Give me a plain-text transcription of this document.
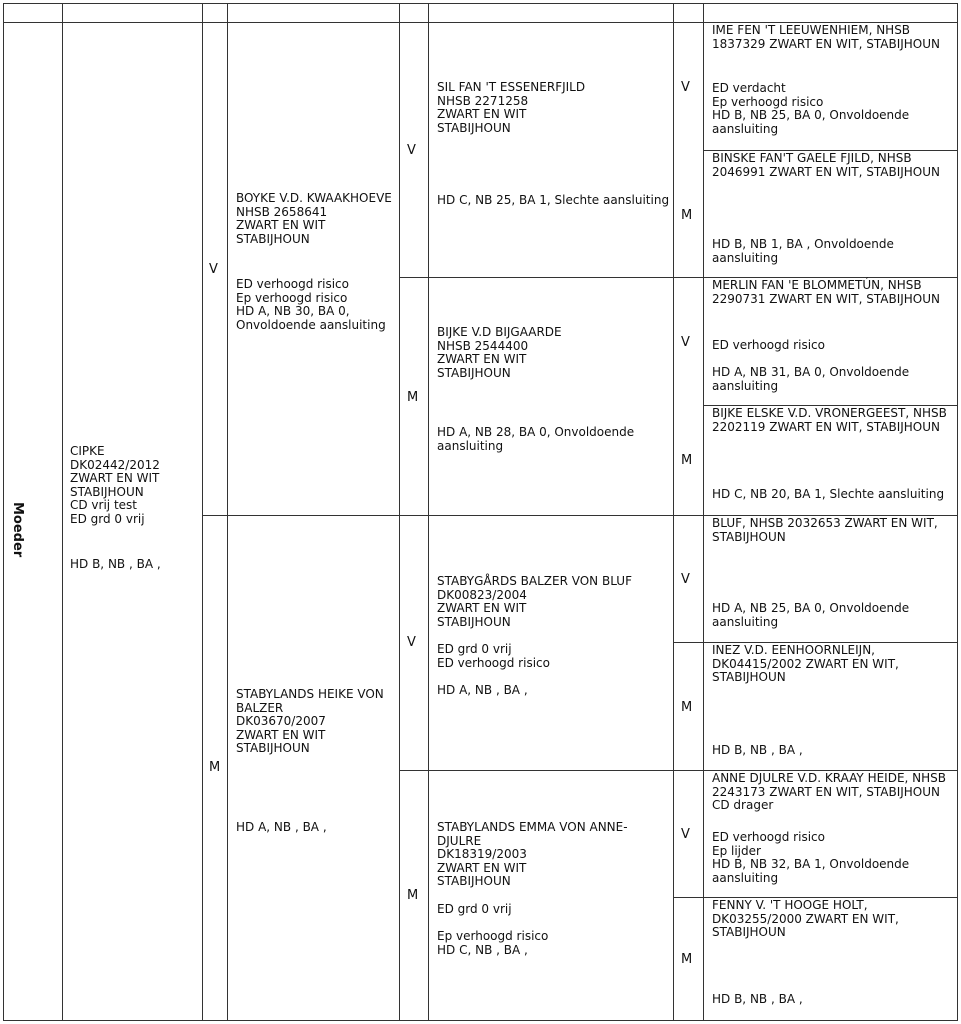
Moeder
CIPKE
DK02442/2012
ZWART EN WIT
STABIJHOUN
CD vrij test
ED grd 0 vrij
HD B, NB , BA ,
V
BOYKE V.D. KWAAKHOEVE
NHSB 2658641
ZWART EN WIT
STABIJHOUN
ED verhoogd risico
Ep verhoogd risico
HD A, NB 30, BA 0,
Onvoldoende aansluiting
M
STABYLANDS HEIKE VON
BALZER
DK03670/2007
ZWART EN WIT
STABIJHOUN
HD A, NB , BA ,
V
SIL FAN 'T ESSENERFJILD
NHSB 2271258
ZWART EN WIT
STABIJHOUN
HD C, NB 25, BA 1, Slechte aansluiting
M
BIJKE V.D BIJGAARDE
NHSB 2544400
ZWART EN WIT
STABIJHOUN
HD A, NB 28, BA 0, Onvoldoende
aansluiting
V
STABYGÅRDS BALZER VON BLUF
DK00823/2004
ZWART EN WIT
STABIJHOUN
ED grd 0 vrij
ED verhoogd risico
HD A, NB , BA ,
M
STABYLANDS EMMA VON ANNE-
DJULRE
DK18319/2003
ZWART EN WIT
STABIJHOUN
ED grd 0 vrij
Ep verhoogd risico
HD C, NB , BA ,
V
M
V
M
V
M
V
M
IME FEN 'T LEEUWENHIEM, NHSB
1837329 ZWART EN WIT, STABIJHOUN
ED verdacht
Ep verhoogd risico
HD B, NB 25, BA 0, Onvoldoende
aansluiting
BINSKE FAN'T GAELE FJILD, NHSB
2046991 ZWART EN WIT, STABIJHOUN
HD B, NB 1, BA , Onvoldoende
aansluiting
MERLIN FAN 'E BLOMMETÚN, NHSB
2290731 ZWART EN WIT, STABIJHOUN
ED verhoogd risico
HD A, NB 31, BA 0, Onvoldoende
aansluiting
BIJKE ELSKE V.D. VRONERGEEST, NHSB
2202119 ZWART EN WIT, STABIJHOUN
HD C, NB 20, BA 1, Slechte aansluiting
BLUF, NHSB 2032653 ZWART EN WIT,
STABIJHOUN
HD A, NB 25, BA 0, Onvoldoende
aansluiting
INEZ V.D. EENHOORNLEIJN,
DK04415/2002 ZWART EN WIT,
STABIJHOUN
HD B, NB , BA ,
ANNE DJULRE V.D. KRAAY HEIDE, NHSB
2243173 ZWART EN WIT, STABIJHOUN
CD drager
ED verhoogd risico
Ep lijder
HD B, NB 32, BA 1, Onvoldoende
aansluiting
FENNY V. 'T HOOGE HOLT,
DK03255/2000 ZWART EN WIT,
STABIJHOUN
HD B, NB , BA ,
